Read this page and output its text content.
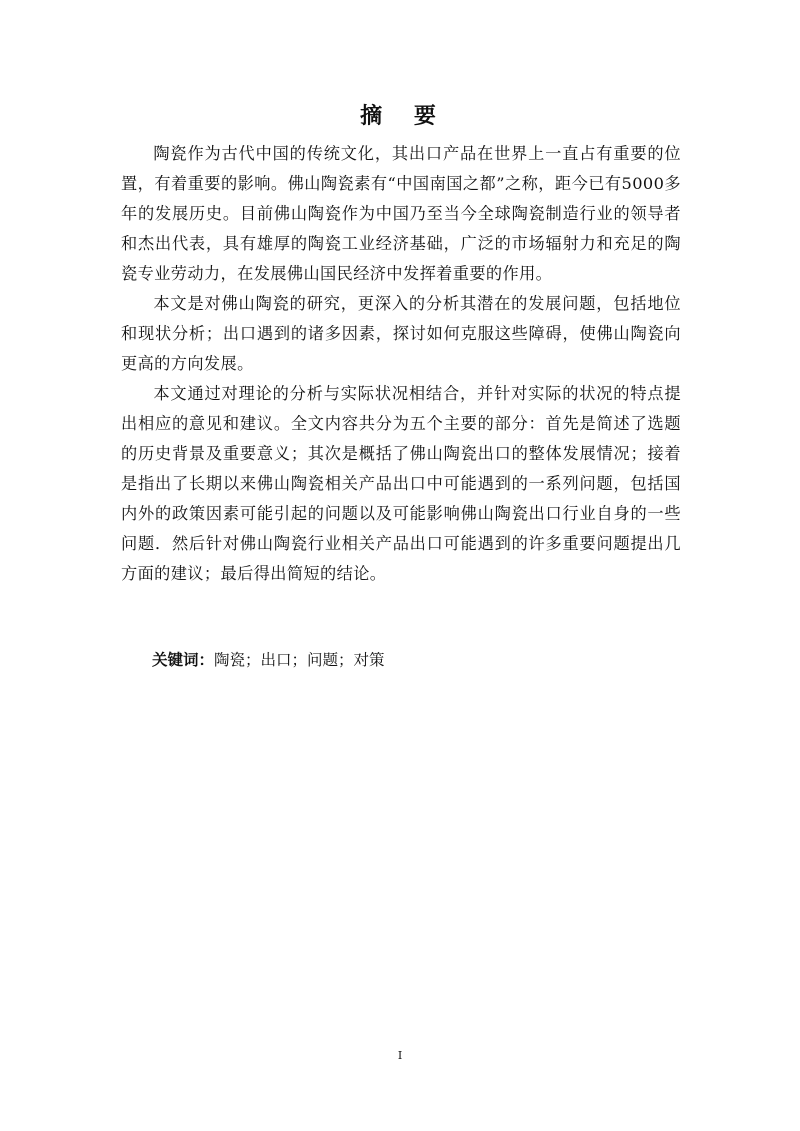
摘 要

陶瓷作为古代中国的传统文化，其出口产品在世界上一直占有重要的位置，有着重要的影响。佛山陶瓷素有“中国南国之都”之称，距今已有5000多年的发展历史。目前佛山陶瓷作为中国乃至当今全球陶瓷制造行业的领导者和杰出代表，具有雄厚的陶瓷工业经济基础，广泛的市场辐射力和充足的陶瓷专业劳动力，在发展佛山国民经济中发挥着重要的作用。

本文是对佛山陶瓷的研究，更深入的分析其潜在的发展问题，包括地位和现状分析；出口遇到的诸多因素，探讨如何克服这些障碍，使佛山陶瓷向更高的方向发展。

本文通过对理论的分析与实际状况相结合，并针对实际的状况的特点提出相应的意见和建议。全文内容共分为五个主要的部分：首先是简述了选题的历史背景及重要意义；其次是概括了佛山陶瓷出口的整体发展情况；接着是指出了长期以来佛山陶瓷相关产品出口中可能遇到的一系列问题，包括国内外的政策因素可能引起的问题以及可能影响佛山陶瓷出口行业自身的一些问题．然后针对佛山陶瓷行业相关产品出口可能遇到的许多重要问题提出几方面的建议；最后得出简短的结论。

关键词：陶瓷；出口；问题；对策
I
